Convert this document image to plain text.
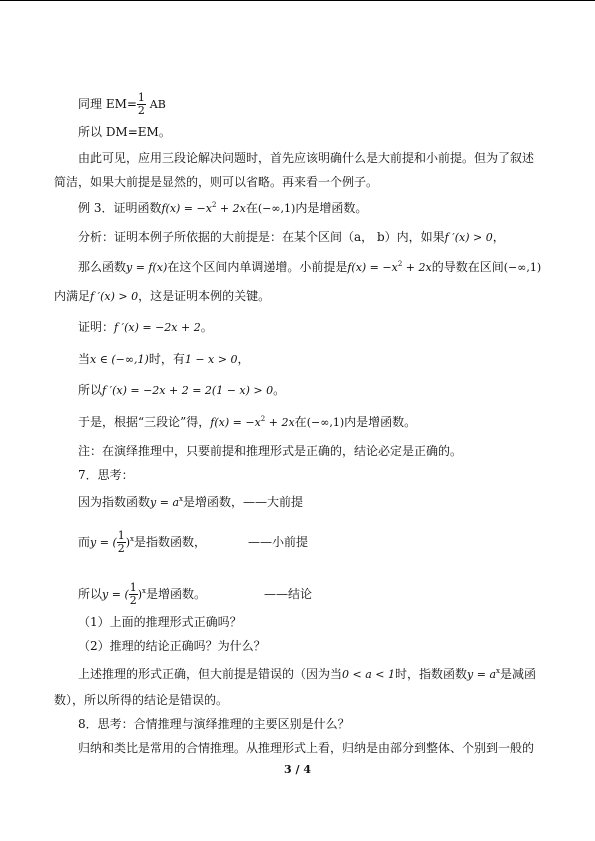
同理 $EM= \frac{1}{2}$ AB
所以 DM=EM。
由此可见，应用三段论解决问题时，首先应该明确什么是大前提和小前提。但为了叙述
简洁，如果大前提是显然的，则可以省略。再来看一个例子。
例 3．证明函数$f(x) = -x^2 + 2x$在(−∞,1)内是增函数。
分析：证明本例子所依据的大前提是：在某个区间（a， b）内，如果f ′(x) > 0，
那么函数y = f(x)在这个区间内单调递增。小前提是$f(x) = -x^2 + 2x$的导数在区间(−∞,1)
内满足f ′(x) > 0，这是证明本例的关键。
证明：f ′(x) = −2x + 2。
当x ∈ (−∞,1)时，有1 − x > 0，
所以f ′(x) = −2x + 2 = 2(1 − x) > 0。
于是，根据“三段论”得，$f(x) = -x^2 + 2x$在(−∞,1)内是增函数。
注：在演绎推理中，只要前提和推理形式是正确的，结论必定是正确的。
7．思考：
因为指数函数$y = a^x$是增函数，——大前提
而y = ( $\frac{1}{2} )^x$是指数函数，	——小前提
所以y = ( $\frac{1}{2} )^x$是增函数。	——结论
（1）上面的推理形式正确吗？
（2）推理的结论正确吗？为什么？
上述推理的形式正确，但大前提是错误的（因为当0 < a < 1时，指数函数$y = a^x$是减函
数），所以所得的结论是错误的。
8．思考：合情推理与演绎推理的主要区别是什么？
归纳和类比是常用的合情推理。从推理形式上看，归纳是由部分到整体、个别到一般的
3 / 4
